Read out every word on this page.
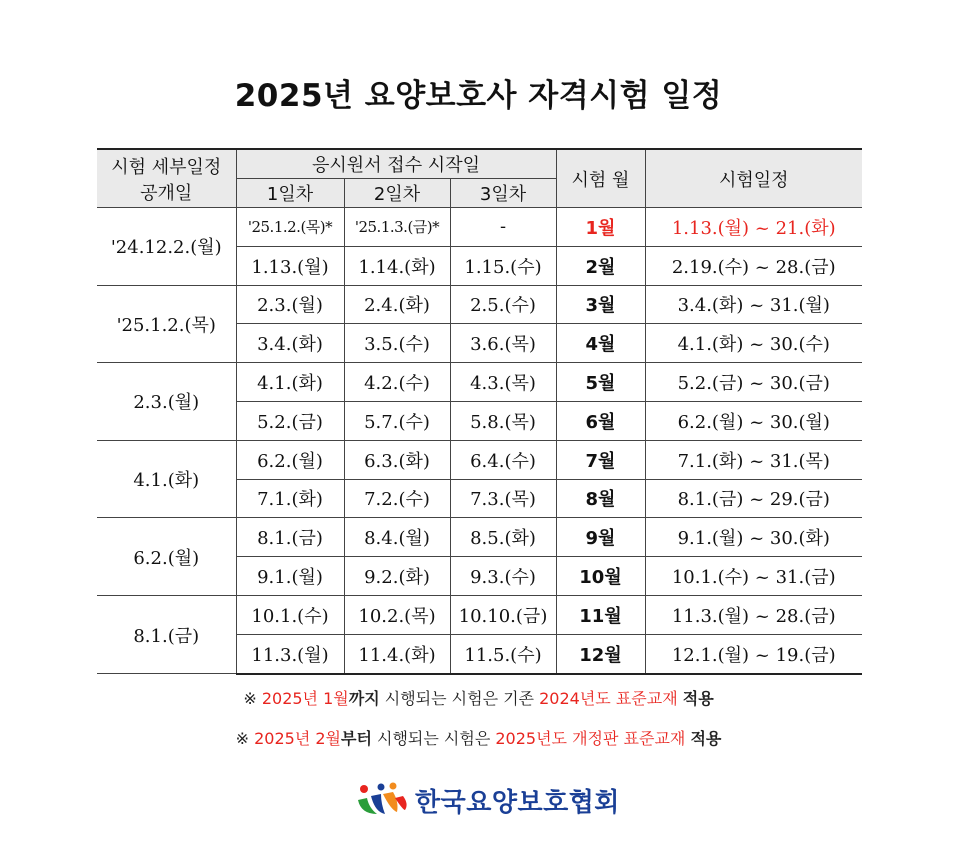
2025년 요양보호사 자격시험 일정
시험 세부일정
공개일	응시원서 접수 시작일			시험 월	시험일정
	1일차	2일차	3일차		
'24.12.2.(월)	'25.1.2.(목)*	'25.1.3.(금)*	-	1월	1.13.(월) ~ 21.(화)
	1.13.(월)	1.14.(화)	1.15.(수)	2월	2.19.(수) ~ 28.(금)
'25.1.2.(목)	2.3.(월)	2.4.(화)	2.5.(수)	3월	3.4.(화) ~ 31.(월)
	3.4.(화)	3.5.(수)	3.6.(목)	4월	4.1.(화) ~ 30.(수)
2.3.(월)	4.1.(화)	4.2.(수)	4.3.(목)	5월	5.2.(금) ~ 30.(금)
	5.2.(금)	5.7.(수)	5.8.(목)	6월	6.2.(월) ~ 30.(월)
4.1.(화)	6.2.(월)	6.3.(화)	6.4.(수)	7월	7.1.(화) ~ 31.(목)
	7.1.(화)	7.2.(수)	7.3.(목)	8월	8.1.(금) ~ 29.(금)
6.2.(월)	8.1.(금)	8.4.(월)	8.5.(화)	9월	9.1.(월) ~ 30.(화)
	9.1.(월)	9.2.(화)	9.3.(수)	10월	10.1.(수) ~ 31.(금)
8.1.(금)	10.1.(수)	10.2.(목)	10.10.(금)	11월	11.3.(월) ~ 28.(금)
	11.3.(월)	11.4.(화)	11.5.(수)	12월	12.1.(월) ~ 19.(금)
※ 2025년 1월까지 시행되는 시험은 기존 2024년도 표준교재 적용
※ 2025년 2월부터 시행되는 시험은 2025년도 개정판 표준교재 적용
한국요양보호협회
